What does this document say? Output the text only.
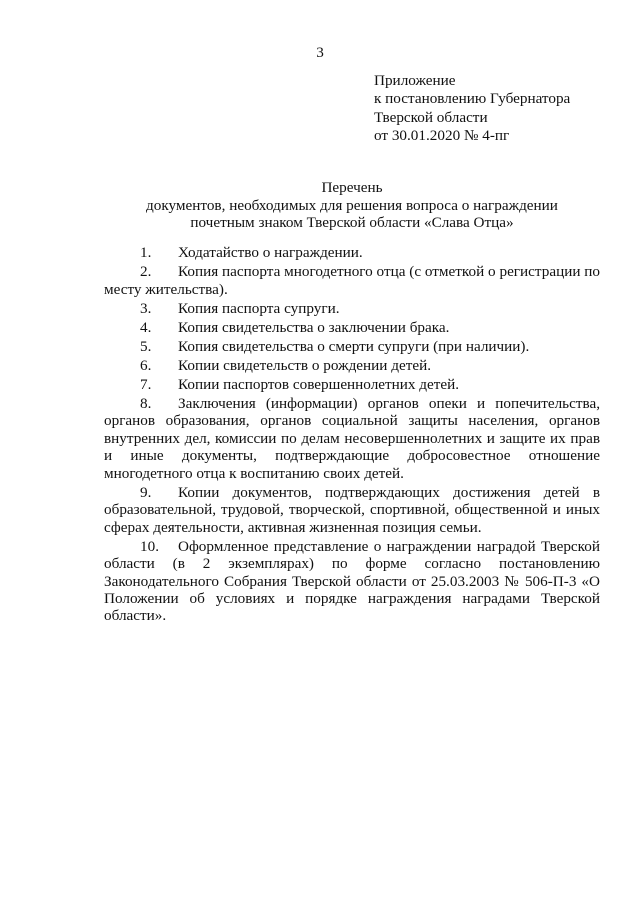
3
Приложение
к постановлению Губернатора
Тверской области
от 30.01.2020 № 4-пг
Перечень
документов, необходимых для решения вопроса о награждении
почетным знаком Тверской области «Слава Отца»
1. Ходатайство о награждении.
2. Копия паспорта многодетного отца (с отметкой о регистрации по месту жительства).
3. Копия паспорта супруги.
4. Копия свидетельства о заключении брака.
5. Копия свидетельства о смерти супруги (при наличии).
6. Копии свидетельств о рождении детей.
7. Копии паспортов совершеннолетних детей.
8. Заключения (информации) органов опеки и попечительства, органов образования, органов социальной защиты населения, органов внутренних дел, комиссии по делам несовершеннолетних и защите их прав и иные документы, подтверждающие добросовестное отношение многодетного отца к воспитанию своих детей.
9. Копии документов, подтверждающих достижения детей в образовательной, трудовой, творческой, спортивной, общественной и иных сферах деятельности, активная жизненная позиция семьи.
10. Оформленное представление о награждении наградой Тверской области (в 2 экземплярах) по форме согласно постановлению Законодательного Собрания Тверской области от 25.03.2003 № 506-П-3 «О Положении об условиях и порядке награждения наградами Тверской области».
